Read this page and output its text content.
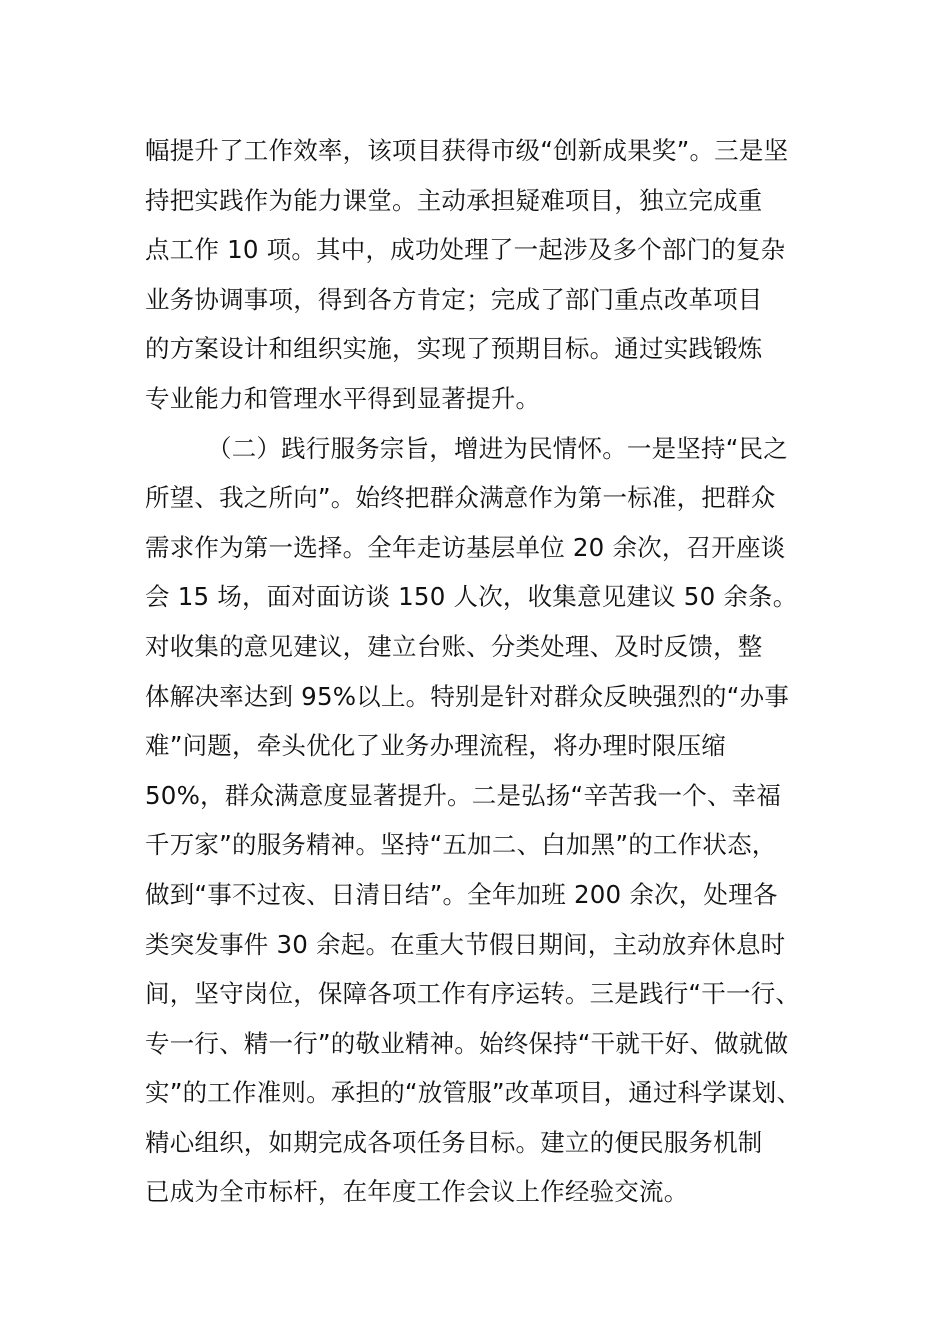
幅提升了工作效率，该项目获得市级“创新成果奖”。三是坚
持把实践作为能力课堂。主动承担疑难项目，独立完成重
点工作 10 项。其中，成功处理了一起涉及多个部门的复杂
业务协调事项，得到各方肯定；完成了部门重点改革项目
的方案设计和组织实施，实现了预期目标。通过实践锻炼
专业能力和管理水平得到显著提升。
（二）践行服务宗旨，增进为民情怀。一是坚持“民之
所望、我之所向”。始终把群众满意作为第一标准，把群众
需求作为第一选择。全年走访基层单位 20 余次，召开座谈
会 15 场，面对面访谈 150 人次，收集意见建议 50 余条。
对收集的意见建议，建立台账、分类处理、及时反馈，整
体解决率达到 95%以上。特别是针对群众反映强烈的“办事
难”问题，牵头优化了业务办理流程，将办理时限压缩
50%，群众满意度显著提升。二是弘扬“辛苦我一个、幸福
千万家”的服务精神。坚持“五加二、白加黑”的工作状态，
做到“事不过夜、日清日结”。全年加班 200 余次，处理各
类突发事件 30 余起。在重大节假日期间，主动放弃休息时
间，坚守岗位，保障各项工作有序运转。三是践行“干一行、
专一行、精一行”的敬业精神。始终保持“干就干好、做就做
实”的工作准则。承担的“放管服”改革项目，通过科学谋划、
精心组织，如期完成各项任务目标。建立的便民服务机制
已成为全市标杆，在年度工作会议上作经验交流。
